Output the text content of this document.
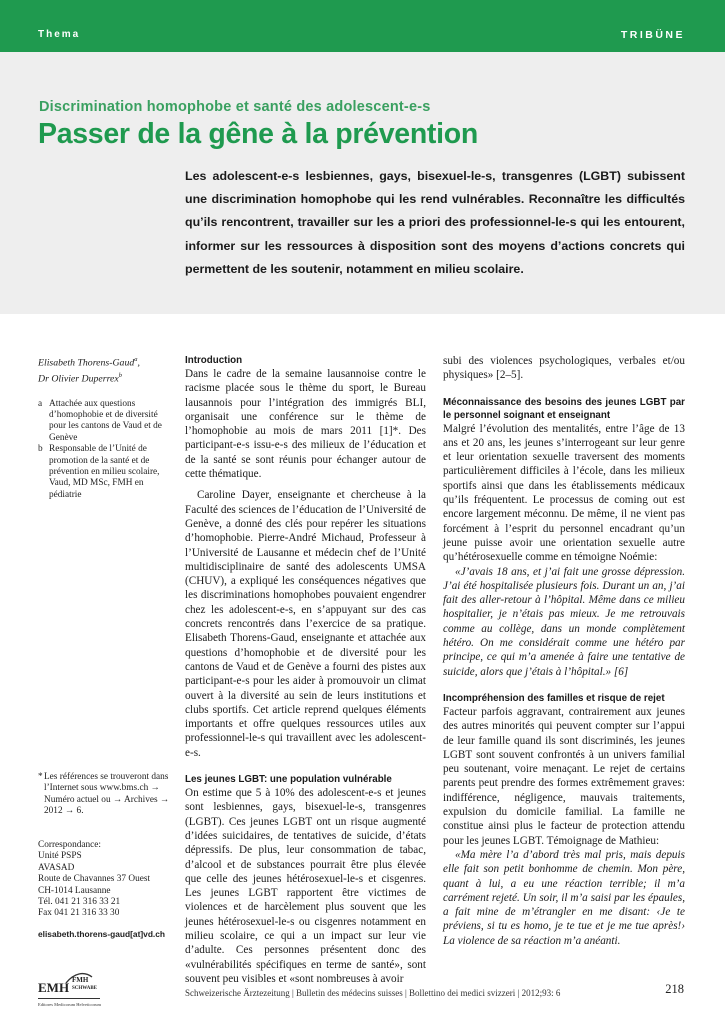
Thema	TRIBÜNE
Discrimination homophobe et santé des adolescent-e-s
Passer de la gêne à la prévention
Les adolescent-e-s lesbiennes, gays, bisexuel-le-s, transgenres (LGBT) subissent une discrimination homophobe qui les rend vulnérables. Reconnaître les difficultés qu’ils rencontrent, travailler sur les a priori des professionnel-le-s qui les entourent, informer sur les ressources à disposition sont des moyens d’actions concrets qui permettent de les soutenir, notamment en milieu scolaire.
Elisabeth Thorens-Gaud$^a$,
Dr Olivier Duperrex$^b$
a Attachée aux questions d’homophobie et de diversité pour les cantons de Vaud et de Genève
b Responsable de l’Unité de promotion de la santé et de prévention en milieu scolaire, Vaud, MD MSc, FMH en pédiatrie
* Les références se trouveront dans l’Internet sous www.bms.ch → Numéro actuel ou → Archives → 2012 → 6.
Correspondance:
Unité PSPS
AVASAD
Route de Chavannes 37 Ouest
CH-1014 Lausanne
Tél. 041 21 316 33 21
Fax 041 21 316 33 30
elisabeth.thorens-gaud[at]vd.ch
Introduction

Dans le cadre de la semaine lausannoise contre le racisme placée sous le thème du sport, le Bureau lausannois pour l’intégration des immigrés BLI, organisait une conférence sur le thème de l’homophobie au mois de mars 2011 [1]*. Des participant-e-s issu-e-s des milieux de l’éducation et de la santé se sont réunis pour échanger autour de cette thématique.

Caroline Dayer, enseignante et chercheuse à la Faculté des sciences de l’éducation de l’Université de Genève, a donné des clés pour repérer les situations d’homophobie. Pierre-André Michaud, Professeur à l’Université de Lausanne et médecin chef de l’Unité multidisciplinaire de santé des adolescents UMSA (CHUV), a expliqué les conséquences négatives que les discriminations homophobes pouvaient engendrer chez les adolescent-e-s, en s’appuyant sur des cas concrets rencontrés dans l’exercice de sa pratique. Elisabeth Thorens-Gaud, enseignante et attachée aux questions d’homophobie et de diversité pour les cantons de Vaud et de Genève a fourni des pistes aux participant-e-s pour les aider à promouvoir un climat ouvert à la diversité au sein de leurs institutions et clubs sportifs. Cet article reprend quelques éléments importants et offre quelques ressources utiles aux professionnel-le-s qui travaillent avec les adolescent-e-s.

Les jeunes LGBT: une population vulnérable

On estime que 5 à 10% des adolescent-e-s et jeunes sont lesbiennes, gays, bisexuel-le-s, transgenres (LGBT). Ces jeunes LGBT ont un risque augmenté d’idées suicidaires, de tentatives de suicide, d’états dépressifs. De plus, leur consommation de tabac, d’alcool et de substances pourrait être plus élevée que celle des jeunes hétérosexuel-le-s et cisgenres. Les jeunes LGBT rapportent être victimes de violences et de harcèlement plus souvent que les jeunes hétérosexuel-le-s ou cisgenres notamment en milieu scolaire, ce qui a un impact sur leur vie d’adulte. Ces personnes présentent donc des «vulnérabilités spécifiques en terme de santé», sont souvent peu visibles et «sont nombreuses à avoir

subi des violences psychologiques, verbales et/ou physiques» [2–5].

Méconnaissance des besoins des jeunes LGBT par le personnel soignant et enseignant

Malgré l’évolution des mentalités, entre l’âge de 13 ans et 20 ans, les jeunes s’interrogeant sur leur genre et leur orientation sexuelle traversent des moments particulièrement difficiles à l’école, dans les milieux sportifs ainsi que dans les établissements médicaux qu’ils fréquentent. Le processus de coming out est encore largement méconnu. De même, il ne vient pas forcément à l’esprit du personnel encadrant qu’un jeune puisse avoir une orientation sexuelle autre qu’hétérosexuelle comme en témoigne Noémie:

«J’avais 18 ans, et j’ai fait une grosse dépression. J’ai été hospitalisée plusieurs fois. Durant un an, j’ai fait des aller-retour à l’hôpital. Même dans ce milieu hospitalier, je n’étais pas mieux. Je me retrouvais comme au collège, dans un monde complètement hétéro. On me considérait comme une hétéro par principe, ce qui m’a amenée à faire une tentative de suicide, alors que j’étais à l’hôpital.» [6]

Incompréhension des familles et risque de rejet

Facteur parfois aggravant, contrairement aux jeunes des autres minorités qui peuvent compter sur l’appui de leur famille quand ils sont discriminés, les jeunes LGBT sont souvent confrontés à un univers familial peu soutenant, voire menaçant. Le rejet de certains parents peut prendre des formes extrêmement graves: indifférence, négligence, mauvais traitements, expulsion du domicile familial. La famille ne constitue ainsi plus le facteur de protection attendu pour les jeunes LGBT. Témoignage de Mathieu:

«Ma mère l’a d’abord très mal pris, mais depuis elle fait son petit bonhomme de chemin. Mon père, quant à lui, a eu une réaction terrible; il m’a carrément rejeté. Un soir, il m’a saisi par les épaules, a fait mine de m’étrangler en me disant: ‹Je te préviens, si tu es homo, je te tue et je me tue après!› La violence de sa réaction m’a anéanti.

EMH FMH
SCHWABE
Editores Medicorum Helveticorum
Schweizerische Ärztezeitung | Bulletin des médecins suisses | Bollettino dei medici svizzeri | 2012;93: 6	218
